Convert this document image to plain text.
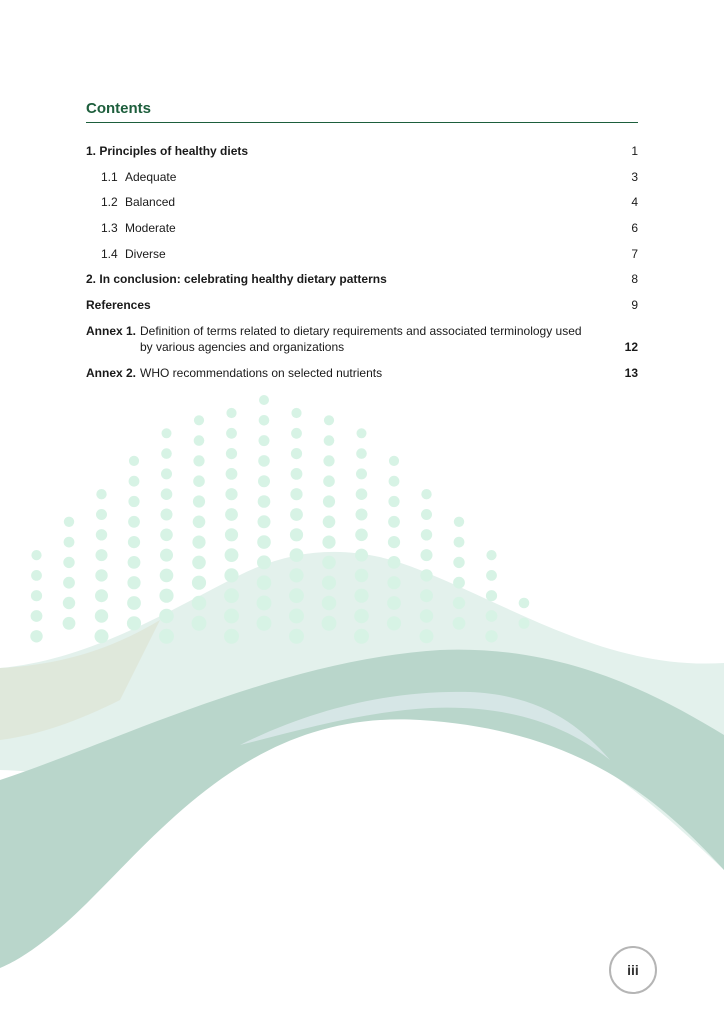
Contents
1. Principles of healthy diets	1
1.1 Adequate	3
1.2 Balanced	4
1.3 Moderate	6
1.4 Diverse	7
2. In conclusion: celebrating healthy dietary patterns	8
References	9
Annex 1. Definition of terms related to dietary requirements and associated terminology used by various agencies and organizations	12
Annex 2. WHO recommendations on selected nutrients	13
iii
